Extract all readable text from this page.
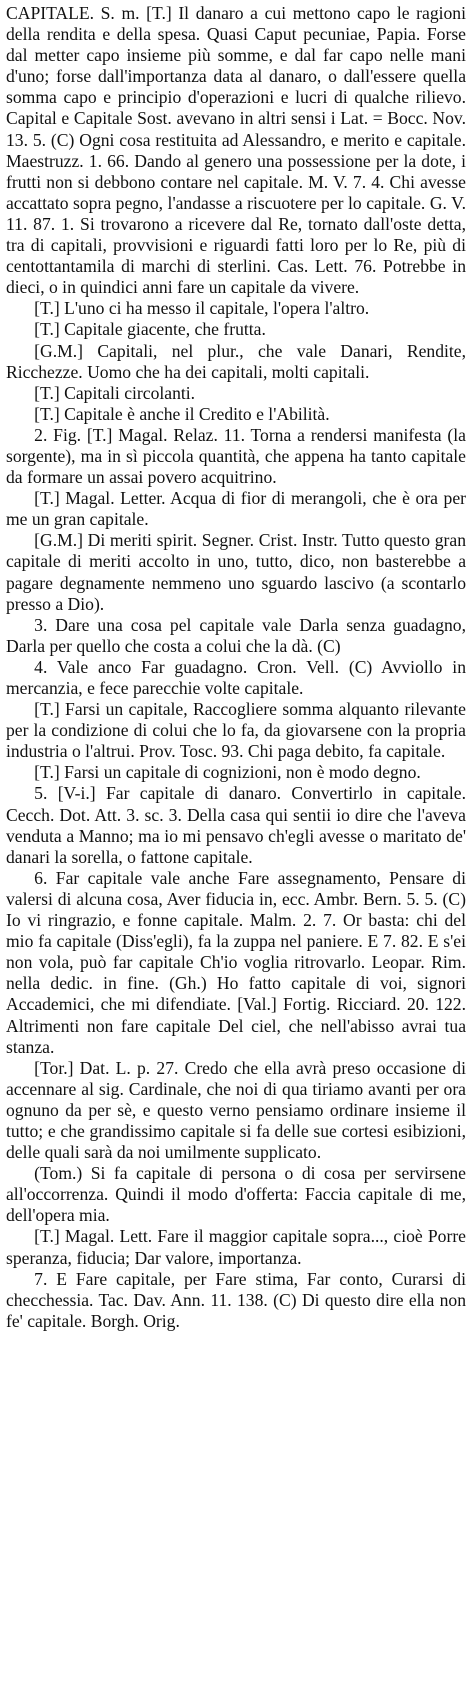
CAPITALE. S. m. [T.] Il danaro a cui mettono capo le ragioni della rendita e della spesa. Quasi Caput pecuniae, Papia. Forse dal metter capo insieme più somme, e dal far capo nelle mani d'uno; forse dall'importanza data al danaro, o dall'essere quella somma capo e principio d'operazioni e lucri di qualche rilievo. Capital e Capitale Sost. avevano in altri sensi i Lat. = Bocc. Nov. 13. 5. (C) Ogni cosa restituita ad Alessandro, e merito e capitale. Maestruzz. 1. 66. Dando al genero una possessione per la dote, i frutti non si debbono contare nel capitale. M. V. 7. 4. Chi avesse accattato sopra pegno, l'andasse a riscuotere per lo capitale. G. V. 11. 87. 1. Si trovarono a ricevere dal Re, tornato dall'oste detta, tra di capitali, provvisioni e riguardi fatti loro per lo Re, più di centottantamila di marchi di sterlini. Cas. Lett. 76. Potrebbe in dieci, o in quindici anni fare un capitale da vivere.

[T.] L'uno ci ha messo il capitale, l'opera l'altro.

[T.] Capitale giacente, che frutta.

[G.M.] Capitali, nel plur., che vale Danari, Rendite, Ricchezze. Uomo che ha dei capitali, molti capitali.

[T.] Capitali circolanti.

[T.] Capitale è anche il Credito e l'Abilità.

2. Fig. [T.] Magal. Relaz. 11. Torna a rendersi manifesta (la sorgente), ma in sì piccola quantità, che appena ha tanto capitale da formare un assai povero acquitrino.

[T.] Magal. Letter. Acqua di fior di merangoli, che è ora per me un gran capitale.

[G.M.] Di meriti spirit. Segner. Crist. Instr. Tutto questo gran capitale di meriti accolto in uno, tutto, dico, non basterebbe a pagare degnamente nemmeno uno sguardo lascivo (a scontarlo presso a Dio).

3. Dare una cosa pel capitale vale Darla senza guadagno, Darla per quello che costa a colui che la dà. (C)

4. Vale anco Far guadagno. Cron. Vell. (C) Avviollo in mercanzia, e fece parecchie volte capitale.

[T.] Farsi un capitale, Raccogliere somma alquanto rilevante per la condizione di colui che lo fa, da giovarsene con la propria industria o l'altrui. Prov. Tosc. 93. Chi paga debito, fa capitale.

[T.] Farsi un capitale di cognizioni, non è modo degno.

5. [V-i.] Far capitale di danaro. Convertirlo in capitale. Cecch. Dot. Att. 3. sc. 3. Della casa qui sentii io dire che l'aveva venduta a Manno; ma io mi pensavo ch'egli avesse o maritato de' danari la sorella, o fattone capitale.

6. Far capitale vale anche Fare assegnamento, Pensare di valersi di alcuna cosa, Aver fiducia in, ecc. Ambr. Bern. 5. 5. (C) Io vi ringrazio, e fonne capitale. Malm. 2. 7. Or basta: chi del mio fa capitale (Diss'egli), fa la zuppa nel paniere. E 7. 82. E s'ei non vola, può far capitale Ch'io voglia ritrovarlo. Leopar. Rim. nella dedic. in fine. (Gh.) Ho fatto capitale di voi, signori Accademici, che mi difendiate. [Val.] Fortig. Ricciard. 20. 122. Altrimenti non fare capitale Del ciel, che nell'abisso avrai tua stanza.

[Tor.] Dat. L. p. 27. Credo che ella avrà preso occasione di accennare al sig. Cardinale, che noi di qua tiriamo avanti per ora ognuno da per sè, e questo verno pensiamo ordinare insieme il tutto; e che grandissimo capitale si fa delle sue cortesi esibizioni, delle quali sarà da noi umilmente supplicato.

(Tom.) Si fa capitale di persona o di cosa per servirsene all'occorrenza. Quindi il modo d'offerta: Faccia capitale di me, dell'opera mia.

[T.] Magal. Lett. Fare il maggior capitale sopra..., cioè Porre speranza, fiducia; Dar valore, importanza.

7. E Fare capitale, per Fare stima, Far conto, Curarsi di checchessia. Tac. Dav. Ann. 11. 138. (C) Di questo dire ella non fe' capitale. Borgh. Orig.
